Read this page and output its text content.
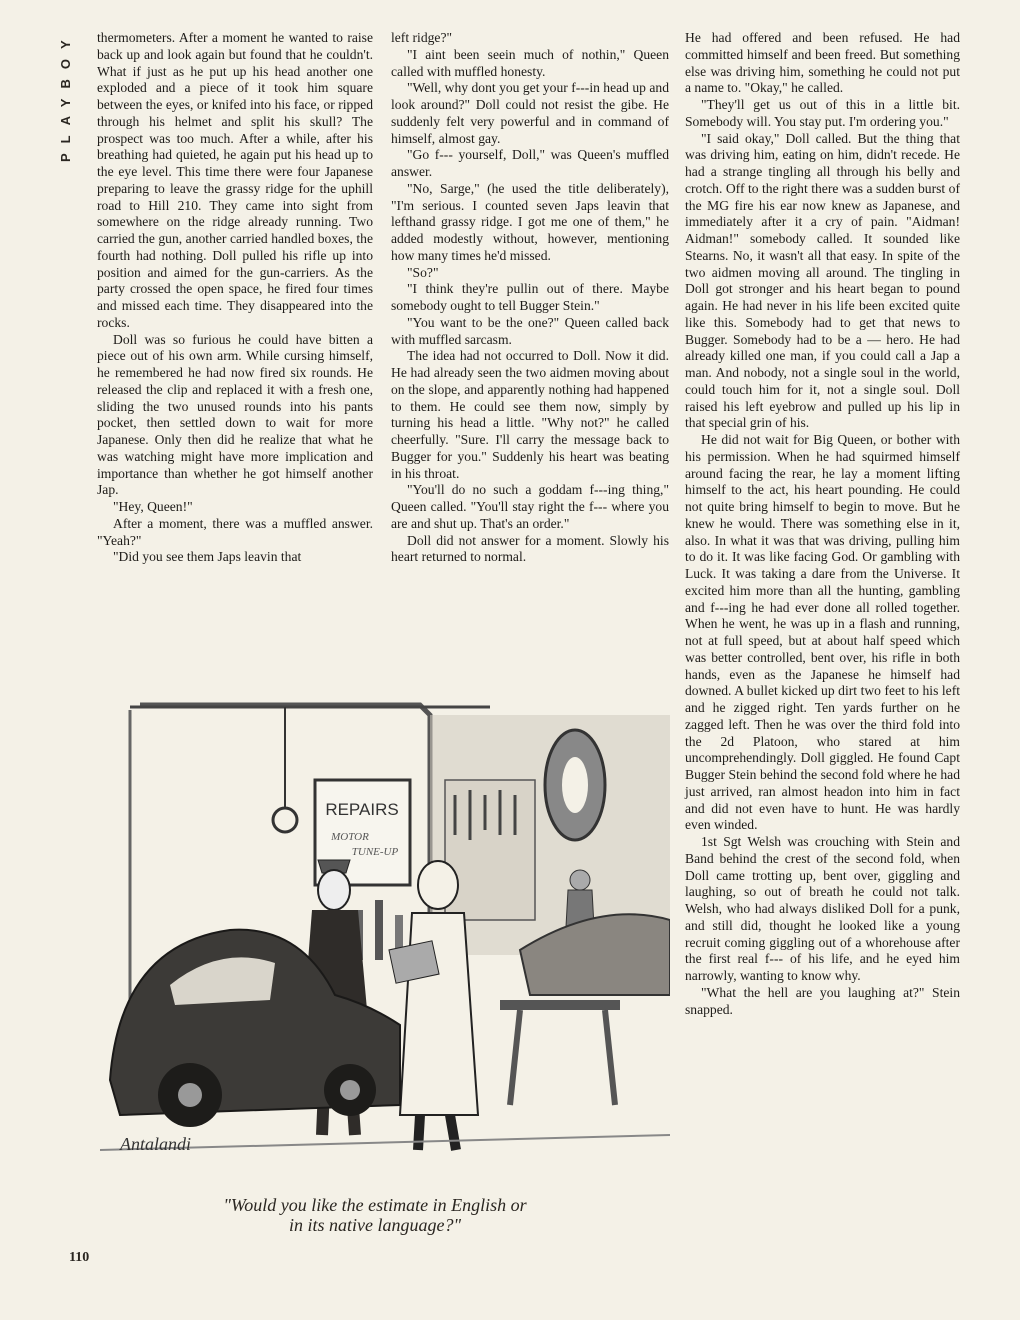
PLAYBOY	thermometers. After a moment he wanted to raise back up and look again but found that he couldn't. What if just as he put up his head another one exploded and a piece of it took him square between the eyes, or knifed into his face, or ripped through his helmet and split his skull? The prospect was too much. After a while, after his breathing had quieted, he again put his head up to the eye level. This time there were four Japanese preparing to leave the grassy ridge for the uphill road to Hill 210. They came into sight from somewhere on the ridge already running. Two carried the gun, another carried handled boxes, the fourth had nothing. Doll pulled his rifle up into position and aimed for the gun-carriers. As the party crossed the open space, he fired four times and missed each time. They disappeared into the rocks.

Doll was so furious he could have bitten a piece out of his own arm. While cursing himself, he remembered he had now fired six rounds. He released the clip and replaced it with a fresh one, sliding the two unused rounds into his pants pocket, then settled down to wait for more Japanese. Only then did he realize that what he was watching might have more implication and importance than whether he got himself another Jap.

"Hey, Queen!"

After a moment, there was a muffled answer. "Yeah?"

"Did you see them Japs leavin that

left ridge?"

"I aint been seein much of nothin," Queen called with muffled honesty.

"Well, why dont you get your f---in head up and look around?" Doll could not resist the gibe. He suddenly felt very powerful and in command of himself, almost gay.

"Go f--- yourself, Doll," was Queen's muffled answer.

"No, Sarge," (he used the title deliberately), "I'm serious. I counted seven Japs leavin that lefthand grassy ridge. I got me one of them," he added modestly without, however, mentioning how many times he'd missed.

"So?"

"I think they're pullin out of there. Maybe somebody ought to tell Bugger Stein."

"You want to be the one?" Queen called back with muffled sarcasm.

The idea had not occurred to Doll. Now it did. He had already seen the two aidmen moving about on the slope, and apparently nothing had happened to them. He could see them now, simply by turning his head a little. "Why not?" he called cheerfully. "Sure. I'll carry the message back to Bugger for you." Suddenly his heart was beating in his throat.

"You'll do no such a goddam f---ing thing," Queen called. "You'll stay right the f--- where you are and shut up. That's an order."

Doll did not answer for a moment. Slowly his heart returned to normal.

He had offered and been refused. He had committed himself and been freed. But something else was driving him, something he could not put a name to. "Okay," he called.

"They'll get us out of this in a little bit. Somebody will. You stay put. I'm ordering you."

"I said okay," Doll called. But the thing that was driving him, eating on him, didn't recede. He had a strange tingling all through his belly and crotch. Off to the right there was a sudden burst of the MG fire his ear now knew as Japanese, and immediately after it a cry of pain. "Aidman! Aidman!" somebody called. It sounded like Stearns. No, it wasn't all that easy. In spite of the two aidmen moving all around. The tingling in Doll got stronger and his heart began to pound again. He had never in his life been excited quite like this. Somebody had to get that news to Bugger. Somebody had to be a — hero. He had already killed one man, if you could call a Jap a man. And nobody, not a single soul in the world, could touch him for it, not a single soul. Doll raised his left eyebrow and pulled up his lip in that special grin of his.

He did not wait for Big Queen, or bother with his permission. When he had squirmed himself around facing the rear, he lay a moment lifting himself to the act, his heart pounding. He could not quite bring himself to begin to move. But he knew he would. There was something else in it, also. In what it was that was driving, pulling him to do it. It was like facing God. Or gambling with Luck. It was taking a dare from the Universe. It excited him more than all the hunting, gambling and f---ing he had ever done all rolled together. When he went, he was up in a flash and running, not at full speed, but at about half speed which was better controlled, bent over, his rifle in both hands, even as the Japanese he himself had downed. A bullet kicked up dirt two feet to his left and he zigged right. Ten yards further on he zagged left. Then he was over the third fold into the 2d Platoon, who stared at him uncomprehendingly. Doll giggled. He found Capt Bugger Stein behind the second fold where he had just arrived, ran almost headon into him in fact and did not even have to hunt. He was hardly even winded.

1st Sgt Welsh was crouching with Stein and Band behind the crest of the second fold, when Doll came trotting up, bent over, giggling and laughing, so out of breath he could not talk. Welsh, who had always disliked Doll for a punk, and still did, thought he looked like a young recruit coming giggling out of a whorehouse after the first real f--- of his life, and he eyed him narrowly, wanting to know why.

"What the hell are you laughing at?" Stein snapped.

REPAIRS
MOTOR
TUNE-UP
Antalandi
"Would you like the estimate in English or
in its native language?"
110
